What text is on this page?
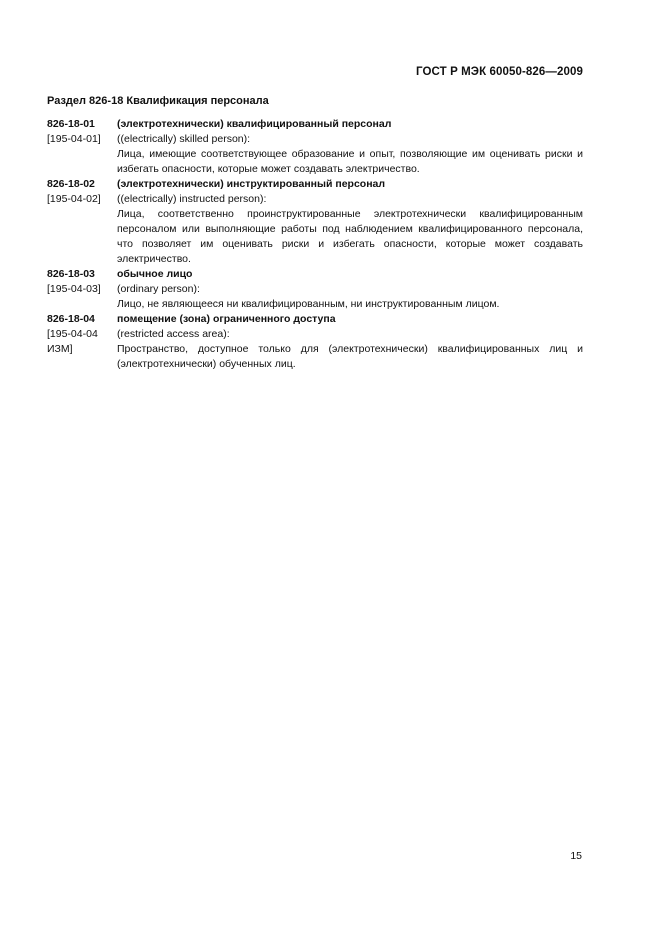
ГОСТ Р МЭК 60050-826—2009
Раздел 826-18 Квалификация персонала
826-18-01	(электротехнически) квалифицированный персонал
[195-04-01]	((electrically) skilled person):
Лица, имеющие соответствующее образование и опыт, позволяющие им оценивать риски и избегать опасности, которые может создавать электричество.
826-18-02	(электротехнически) инструктированный персонал
[195-04-02]	((electrically) instructed person):
Лица, соответственно проинструктированные электротехнически квалифицированным персоналом или выполняющие работы под наблюдением квалифицированного персонала, что позволяет им оценивать риски и избегать опасности, которые может создавать электричество.
826-18-03	обычное лицо
[195-04-03]	(ordinary person):
Лицо, не являющееся ни квалифицированным, ни инструктированным лицом.
826-18-04	помещение (зона) ограниченного доступа
[195-04-04	(restricted access area):
ИЗМ]	Пространство, доступное только для (электротехнически) квалифицированных лиц и (электротехнически) обученных лиц.
15
